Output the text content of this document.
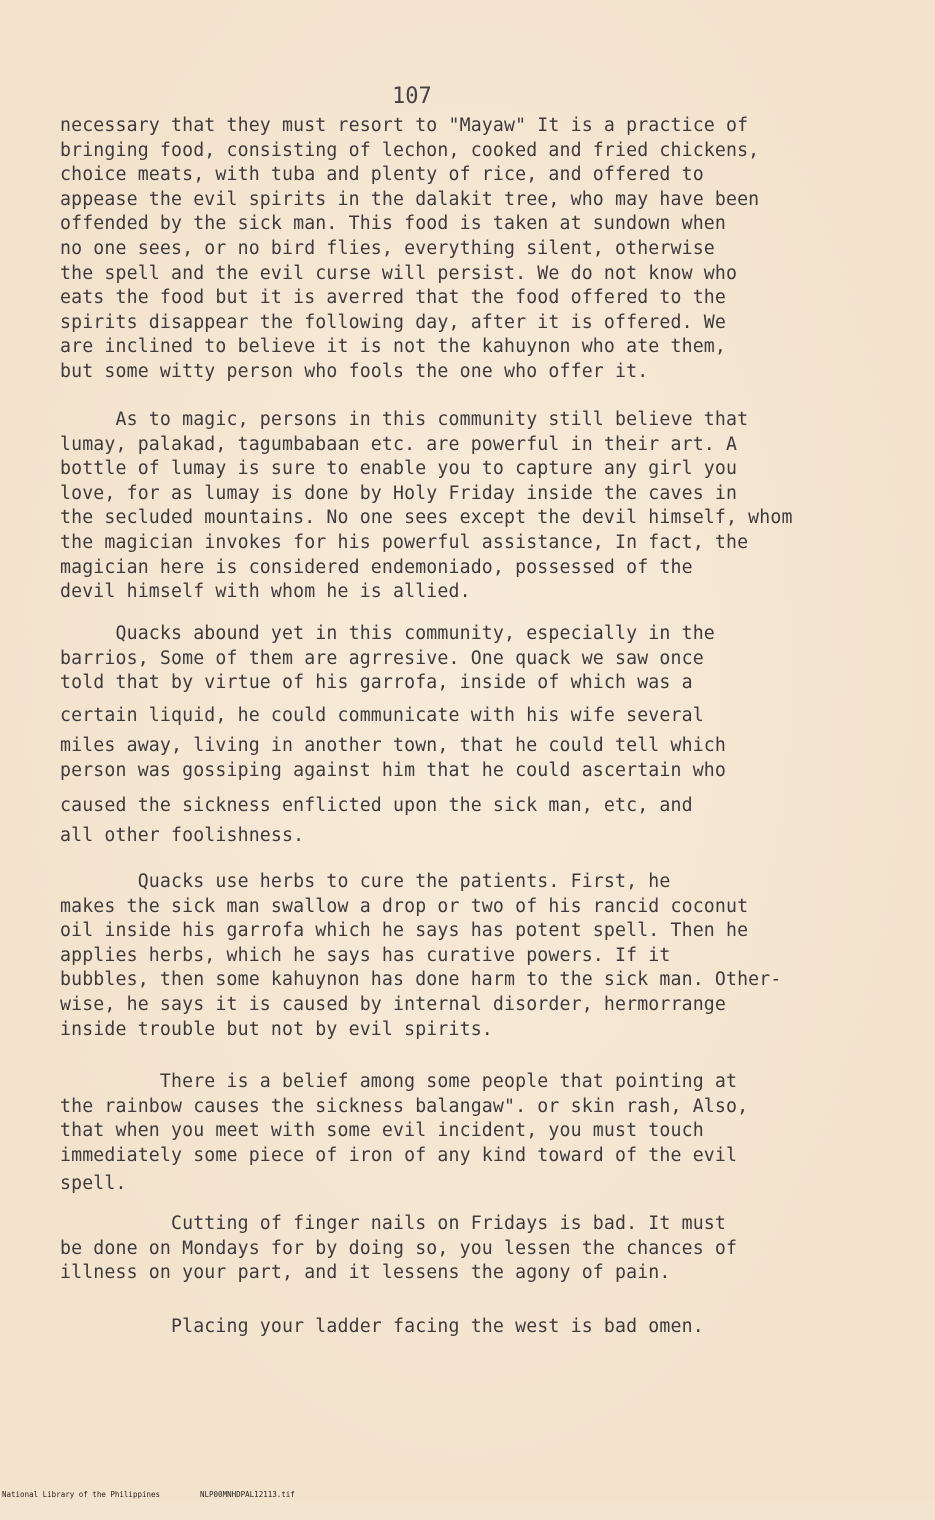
107
necessary that they must resort to "Mayaw" It is a practice of
bringing food, consisting of lechon, cooked and fried chickens,
choice meats, with tuba and plenty of rice, and offered to
appease the evil spirits in the dalakit tree, who may have been
offended by the sick man. This food is taken at sundown when
no one sees, or no bird flies, everything silent, otherwise
the spell and the evil curse will persist. We do not know who
eats the food but it is averred that the food offered to the
spirits disappear the following day, after it is offered. We
are inclined to believe it is not the kahuynon who ate them,
but some witty person who fools the one who offer it.
As to magic, persons in this community still believe that
lumay, palakad, tagumbabaan etc. are powerful in their art. A
bottle of lumay is sure to enable you to capture any girl you
love, for as lumay is done by Holy Friday inside the caves in
the secluded mountains. No one sees except the devil himself, whom
the magician invokes for his powerful assistance, In fact, the
magician here is considered endemoniado, possessed of the
devil himself with whom he is allied.
Quacks abound yet in this community, especially in the
barrios, Some of them are agrresive. One quack we saw once
told that by virtue of his garrofa, inside of which was a
certain liquid, he could communicate with his wife several
miles away, living in another town, that he could tell which
person was gossiping against him that he could ascertain who
caused the sickness enflicted upon the sick man, etc, and
all other foolishness.
Quacks use herbs to cure the patients. First, he
makes the sick man swallow a drop or two of his rancid coconut
oil inside his garrofa which he says has potent spell. Then he
applies herbs, which he says has curative powers. If it
bubbles, then some kahuynon has done harm to the sick man. Other-
wise, he says it is caused by internal disorder, hermorrange
inside trouble but not by evil spirits.
There is a belief among some people that pointing at
the rainbow causes the sickness balangaw". or skin rash, Also,
that when you meet with some evil incident, you must touch
immediately some piece of iron of any kind toward of the evil
spell.
Cutting of finger nails on Fridays is bad. It must
be done on Mondays for by doing so, you lessen the chances of
illness on your part, and it lessens the agony of pain.
Placing your ladder facing the west is bad omen.

National Library of the Philippines

	NLP00MNHDPAL12113.tif
